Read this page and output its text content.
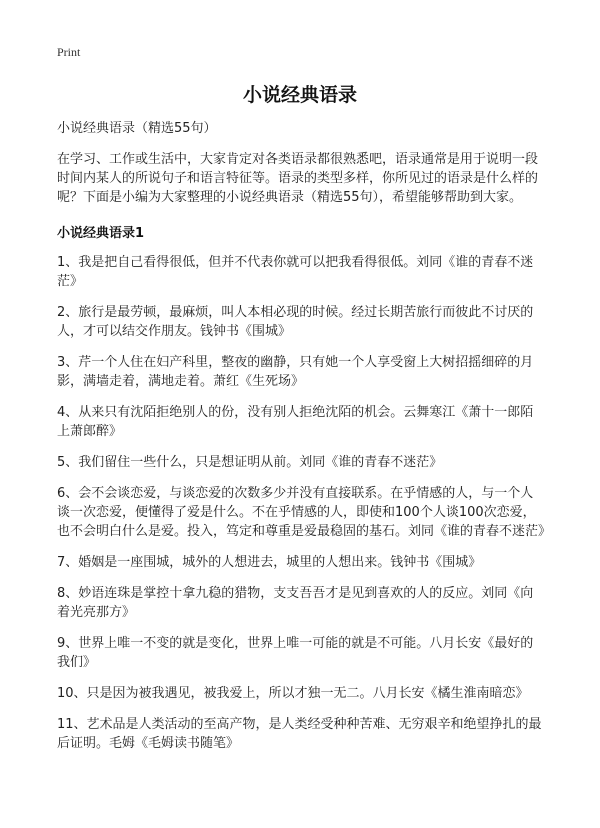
Print
小说经典语录

小说经典语录（精选55句）

在学习、工作或生活中，大家肯定对各类语录都很熟悉吧，语录通常是用于说明一段时间内某人的所说句子和语言特征等。语录的类型多样，你所见过的语录是什么样的呢？下面是小编为大家整理的小说经典语录（精选55句），希望能够帮助到大家。

小说经典语录1

1、我是把自己看得很低，但并不代表你就可以把我看得很低。刘同《谁的青春不迷茫》

2、旅行是最劳顿，最麻烦，叫人本相必现的时候。经过长期苦旅行而彼此不讨厌的人，才可以结交作朋友。钱钟书《围城》

3、芹一个人住在妇产科里，整夜的幽静，只有她一个人享受窗上大树招摇细碎的月影，满墙走着，满地走着。萧红《生死场》

4、从来只有沈陌拒绝别人的份，没有别人拒绝沈陌的机会。云舞寒江《萧十一郎陌上萧郎醉》

5、我们留住一些什么，只是想证明从前。刘同《谁的青春不迷茫》

6、会不会谈恋爱，与谈恋爱的次数多少并没有直接联系。在乎情感的人，与一个人谈一次恋爱，便懂得了爱是什么。不在乎情感的人，即使和100个人谈100次恋爱，也不会明白什么是爱。投入，笃定和尊重是爱最稳固的基石。刘同《谁的青春不迷茫》

7、婚姻是一座围城，城外的人想进去，城里的人想出来。钱钟书《围城》

8、妙语连珠是掌控十拿九稳的猎物，支支吾吾才是见到喜欢的人的反应。刘同《向着光亮那方》

9、世界上唯一不变的就是变化，世界上唯一可能的就是不可能。八月长安《最好的我们》

10、只是因为被我遇见，被我爱上，所以才独一无二。八月长安《橘生淮南暗恋》

11、艺术品是人类活动的至高产物，是人类经受种种苦难、无穷艰辛和绝望挣扎的最后证明。毛姆《毛姆读书随笔》
